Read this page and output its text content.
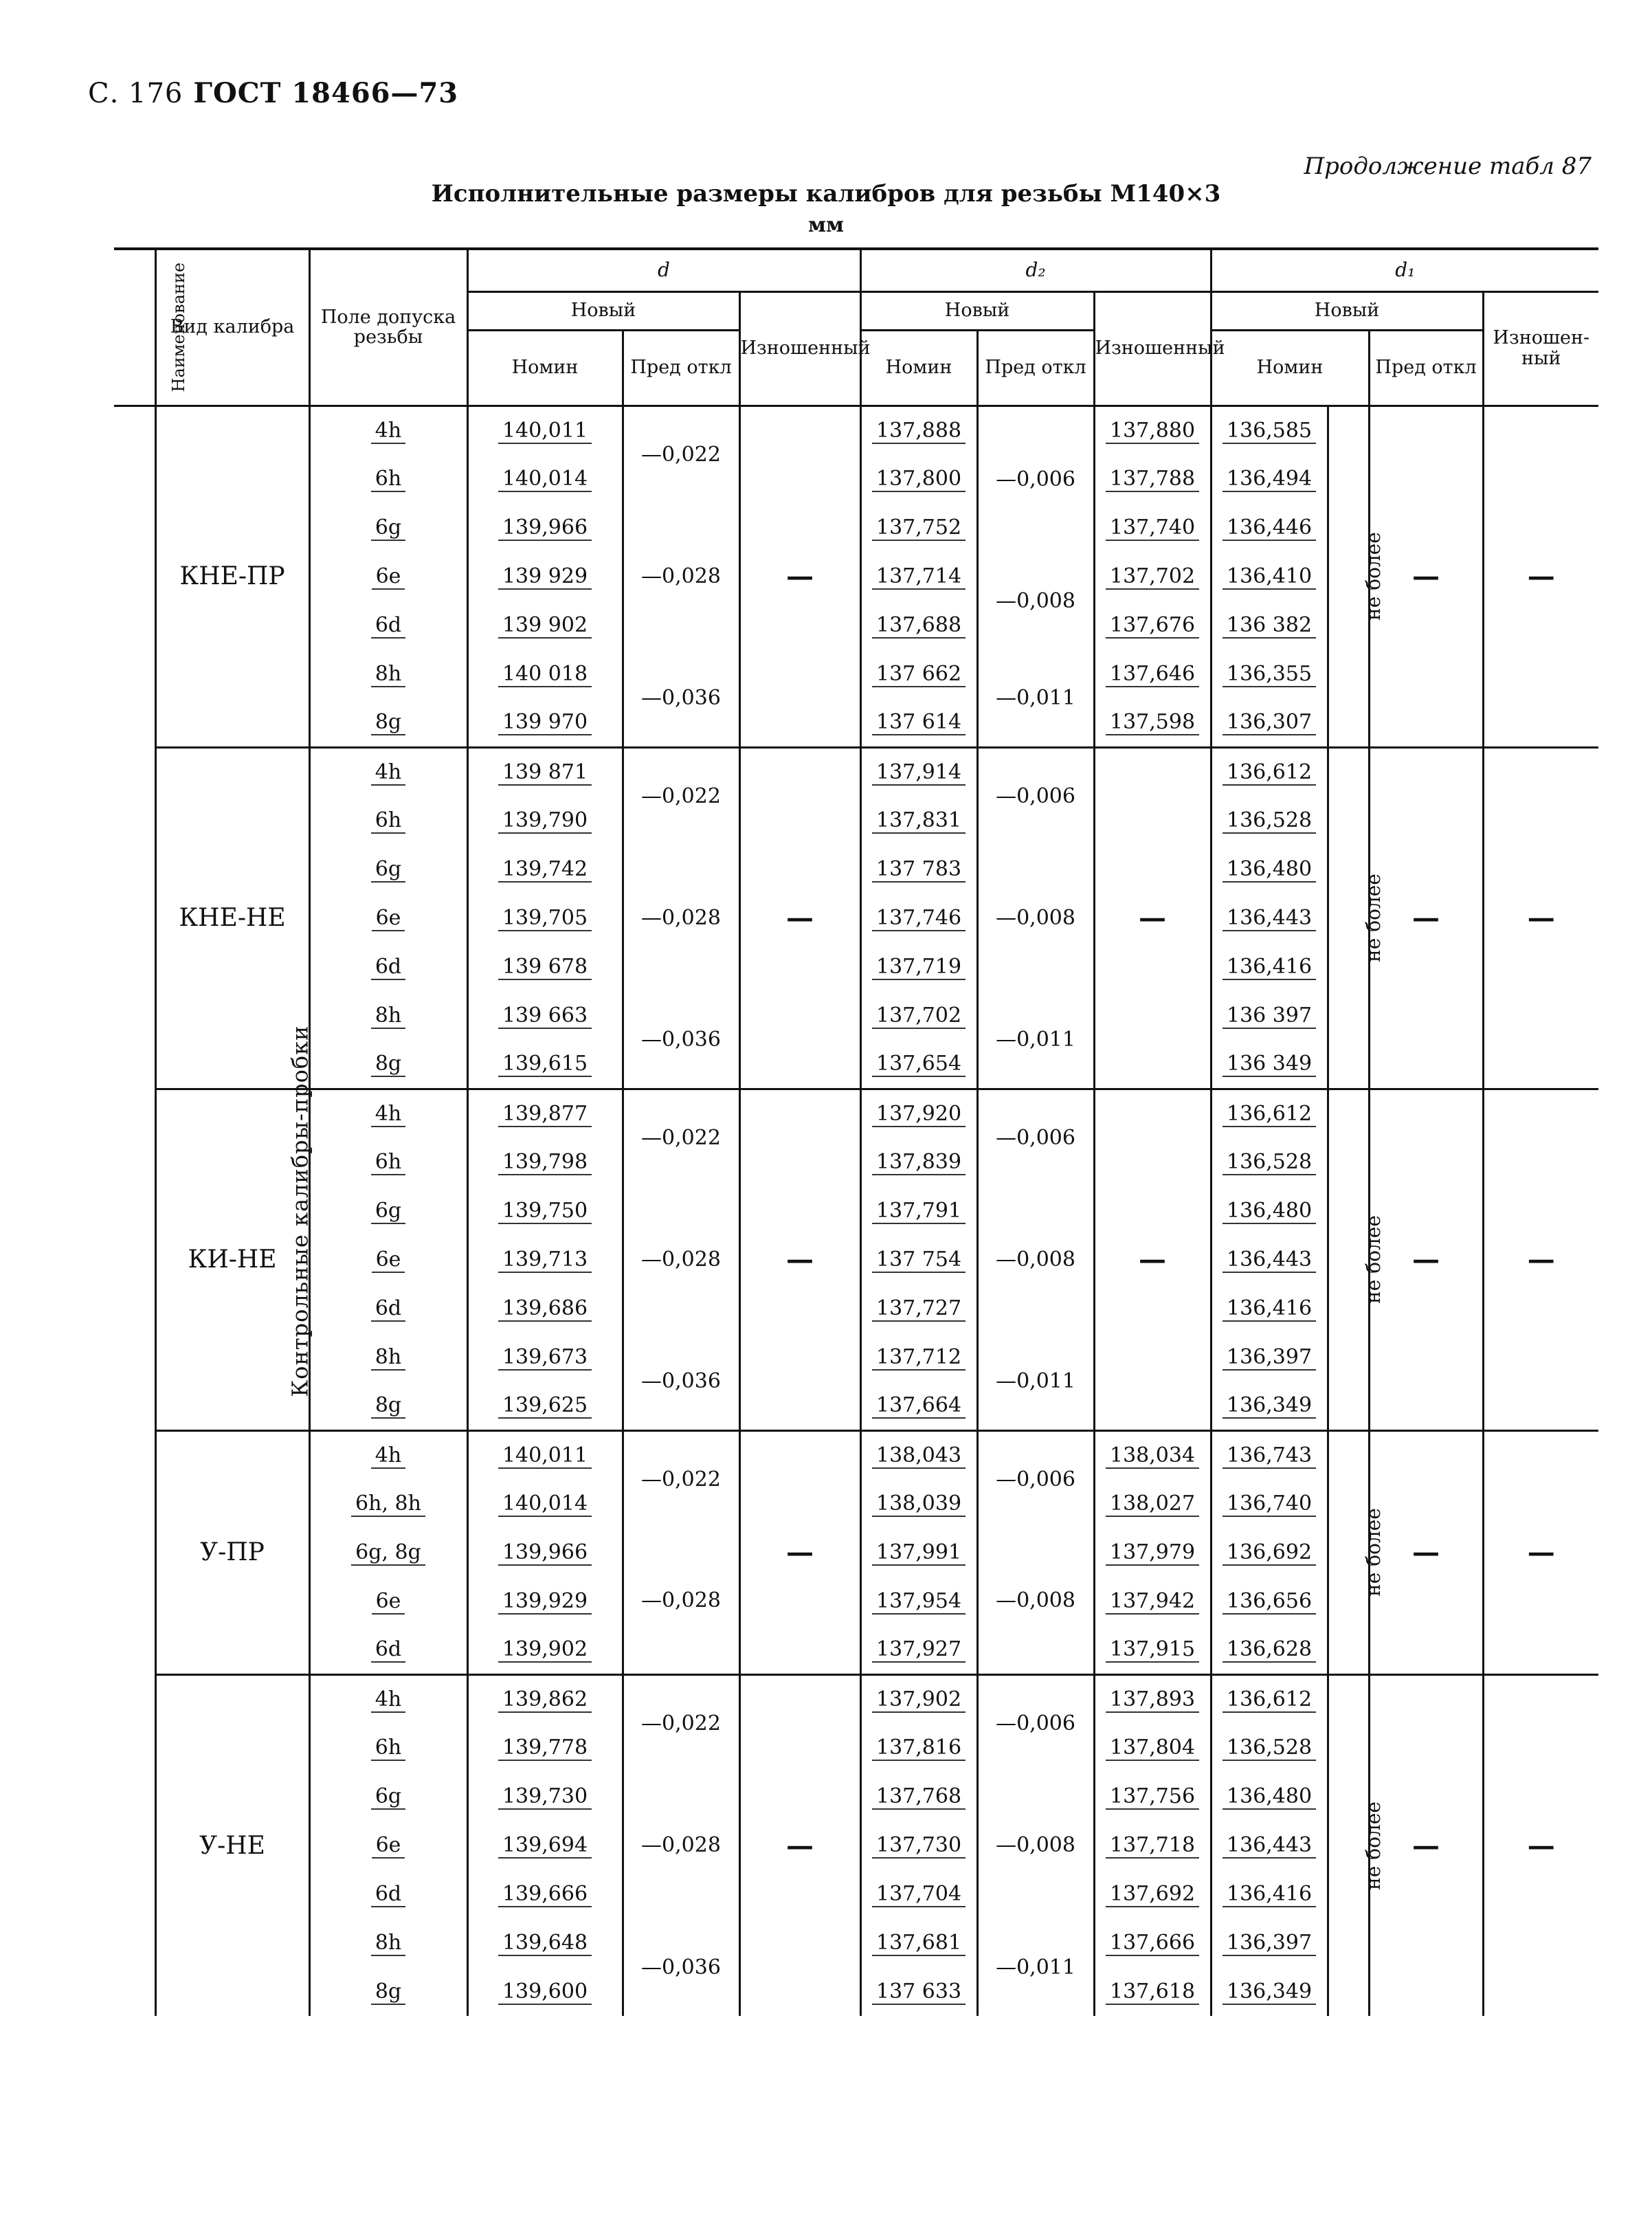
С. 176 ГОСТ 18466—73
Продолжение табл 87
Исполнительные размеры калибров для резьбы M140×3
мм
Наименование	Вид калибра	Поле допуска резьбы	d			d₂			d₁			
			Новый		Изношенный	Новый		Изношенный	Новый			Изношен-ный
			Номин	Пред откл		Номин	Пред откл		Номин		Пред откл	
Контрольные калибры-пробки	КНЕ-ПР	4h	140,011	—0,022	—	137,888	—0,006	137,880	136,585	не более	—	—
		6h	140,014			137,800		137,788	136,494			
		6g	139,966	—0,028		137,752		137,740	136,446			
		6e	139 929			137,714	—0,008	137,702	136,410			
		6d	139 902			137,688		137,676	136 382			
		8h	140 018	—0,036		137 662	—0,011	137,646	136,355			
		8g	139 970			137 614		137,598	136,307			
	КНЕ-НЕ	4h	139 871	—0,022	—	137,914	—0,006	—	136,612	не более	—	—
		6h	139,790			137,831			136,528			
		6g	139,742	—0,028		137 783	—0,008		136,480			
		6e	139,705			137,746			136,443			
		6d	139 678			137,719			136,416			
		8h	139 663	—0,036		137,702	—0,011		136 397			
		8g	139,615			137,654			136 349			
	КИ-НЕ	4h	139,877	—0,022	—	137,920	—0,006	—	136,612	не более	—	—
		6h	139,798			137,839			136,528			
		6g	139,750	—0,028		137,791	—0,008		136,480			
		6e	139,713			137 754			136,443			
		6d	139,686			137,727			136,416			
		8h	139,673	—0,036		137,712	—0,011		136,397			
		8g	139,625			137,664			136,349			
	У-ПР	4h	140,011	—0,022	—	138,043	—0,006	138,034	136,743	не более	—	—
		6h, 8h	140,014			138,039		138,027	136,740			
		6g, 8g	139,966	—0,028		137,991	—0,008	137,979	136,692			
		6e	139,929			137,954		137,942	136,656			
		6d	139,902			137,927		137,915	136,628			
	У-НЕ	4h	139,862	—0,022	—	137,902	—0,006	137,893	136,612	не более	—	—
		6h	139,778			137,816		137,804	136,528			
		6g	139,730	—0,028		137,768	—0,008	137,756	136,480			
		6e	139,694			137,730		137,718	136,443			
		6d	139,666			137,704		137,692	136,416			
		8h	139,648	—0,036		137,681	—0,011	137,666	136,397			
		8g	139,600			137 633		137,618	136,349			
